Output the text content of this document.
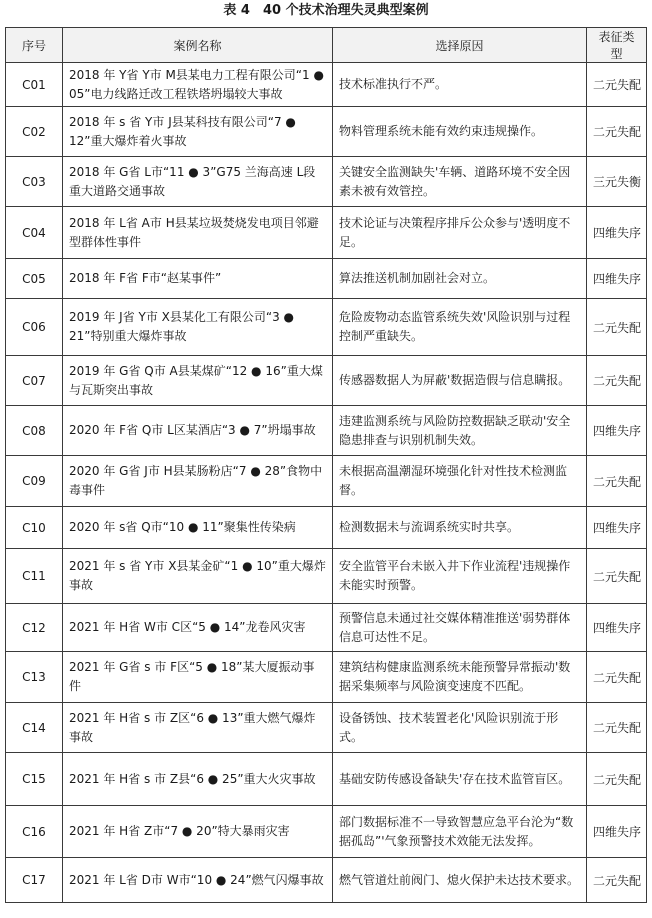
表 4　40 个技术治理失灵典型案例
序号	案例名称	选择原因	表征类型
C01	2018 年 Y省 Y市 M县某电力工程有限公司“1 ● 05”电力线路迁改工程铁塔坍塌较大事故	技术标准执行不严。	二元失配
C02	2018 年 s 省 Y市 J县某科技有限公司“7 ● 12”重大爆炸着火事故	物料管理系统未能有效约束违规操作。	二元失配
C03	2018 年 G省 L市“11 ● 3”G75 兰海高速 L段重大道路交通事故	关键安全监测缺失'车辆、道路环境不安全因素未被有效管控。	三元失衡
C04	2018 年 L省 A市 H县某垃圾焚烧发电项目邻避型群体性事件	技术论证与决策程序排斥公众参与'透明度不足。	四维失序
C05	2018 年 F省 F市“赵某事件”	算法推送机制加剧社会对立。	四维失序
C06	2019 年 J省 Y市 X县某化工有限公司“3 ● 21”特别重大爆炸事故	危险废物动态监管系统失效'风险识别与过程控制严重缺失。	二元失配
C07	2019 年 G省 Q市 A县某煤矿“12 ● 16”重大煤与瓦斯突出事故	传感器数据人为屏蔽'数据造假与信息瞒报。	二元失配
C08	2020 年 F省 Q市 L区某酒店“3 ● 7”坍塌事故	违建监测系统与风险防控数据缺乏联动'安全隐患排查与识别机制失效。	四维失序
C09	2020 年 G省 J市 H县某肠粉店“7 ● 28”食物中毒事件	未根据高温潮湿环境强化针对性技术检测监督。	二元失配
C10	2020 年 s省 Q市“10 ● 11”聚集性传染病	检测数据未与流调系统实时共享。	四维失序
C11	2021 年 s 省 Y市 X县某金矿“1 ● 10”重大爆炸事故	安全监管平台未嵌入井下作业流程'违规操作未能实时预警。	二元失配
C12	2021 年 H省 W市 C区“5 ● 14”龙卷风灾害	预警信息未通过社交媒体精准推送'弱势群体信息可达性不足。	四维失序
C13	2021 年 G省 s 市 F区“5 ● 18”某大厦振动事件	建筑结构健康监测系统未能预警异常振动'数据采集频率与风险演变速度不匹配。	二元失配
C14	2021 年 H省 s 市 Z区“6 ● 13”重大燃气爆炸事故	设备锈蚀、技术装置老化'风险识别流于形式。	二元失配
C15	2021 年 H省 s 市 Z县“6 ● 25”重大火灾事故	基础安防传感设备缺失'存在技术监管盲区。	二元失配
C16	2021 年 H省 Z市“7 ● 20”特大暴雨灾害	部门数据标准不一导致智慧应急平台沦为“数据孤岛”'气象预警技术效能无法发挥。	四维失序
C17	2021 年 L省 D市 W市“10 ● 24”燃气闪爆事故	燃气管道灶前阀门、熄火保护未达技术要求。	二元失配
